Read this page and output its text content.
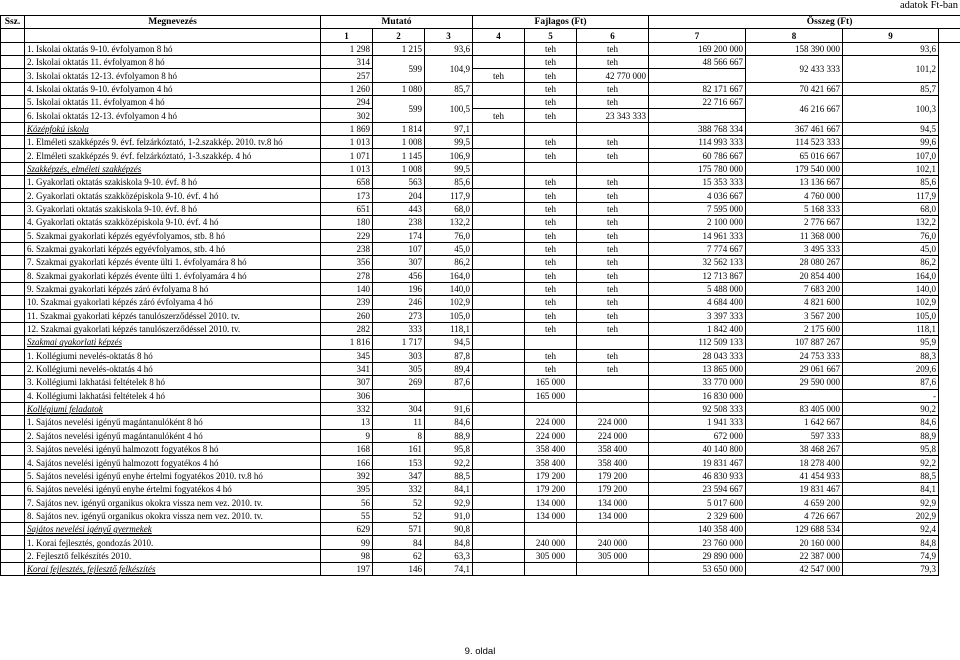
adatok Ft-ban
Ssz.	Megnevezés	Mutató			Fajlagos (Ft)			Összeg (Ft)			
		1	2	3	4	5	6	7	8	9	
	1. Iskolai oktatás 9-10. évfolyamon 8 hó	1 298	1 215	93,6		teh	teh	169 200 000	158 390 000	93,6	
	2. Iskolai oktatás 11. évfolyamon 8 hó	314	599	104,9		teh	teh	48 566 667	92 433 333	101,2	
	3. Iskolai oktatás 12-13. évfolyamon 8 hó	257			teh	teh	42 770 000				
	4. Iskolai oktatás 9-10. évfolyamon 4 hó	1 260	1 080	85,7		teh	teh	82 171 667	70 421 667	85,7	
	5. Iskolai oktatás 11. évfolyamon 4 hó	294	599	100,5		teh	teh	22 716 667	46 216 667	100,3	
	6. Iskolai oktatás 12-13. évfolyamon 4 hó	302			teh	teh	23 343 333				
	Középfokú iskola	1 869	1 814	97,1				388 768 334	367 461 667	94,5	
	1. Elméleti szakképzés 9. évf. felzárkóztató, 1-2.szakkép. 2010. tv.8 hó	1 013	1 008	99,5		teh	teh	114 993 333	114 523 333	99,6	
	2. Elméleti szakképzés 9. évf. felzárkóztató, 1-3.szakkép. 4 hó	1 071	1 145	106,9		teh	teh	60 786 667	65 016 667	107,0	
	Szakképzés, elméleti szakképzés	1 013	1 008	99,5				175 780 000	179 540 000	102,1	
	1. Gyakorlati oktatás szakiskola 9-10. évf. 8 hó	658	563	85,6		teh	teh	15 353 333	13 136 667	85,6	
	2. Gyakorlati oktatás szakközépiskola 9-10. évf. 4 hó	173	204	117,9		teh	teh	4 036 667	4 760 000	117,9	
	3. Gyakorlati oktatás szakiskola 9-10. évf. 8 hó	651	443	68,0		teh	teh	7 595 000	5 168 333	68,0	
	4. Gyakorlati oktatás szakközépiskola 9-10. évf. 4 hó	180	238	132,2		teh	teh	2 100 000	2 776 667	132,2	
	5. Szakmai gyakorlati képzés egyévfolyamos, stb. 8 hó	229	174	76,0		teh	teh	14 961 333	11 368 000	76,0	
	6. Szakmai gyakorlati képzés egyévfolyamos, stb. 4 hó	238	107	45,0		teh	teh	7 774 667	3 495 333	45,0	
	7. Szakmai gyakorlati képzés évente ülti 1. évfolyamára 8 hó	356	307	86,2		teh	teh	32 562 133	28 080 267	86,2	
	8. Szakmai gyakorlati képzés évente ülti 1. évfolyamára 4 hó	278	456	164,0		teh	teh	12 713 867	20 854 400	164,0	
	9. Szakmai gyakorlati képzés záró évfolyama 8 hó	140	196	140,0		teh	teh	5 488 000	7 683 200	140,0	
	10. Szakmai gyakorlati képzés záró évfolyama 4 hó	239	246	102,9		teh	teh	4 684 400	4 821 600	102,9	
	11. Szakmai gyakorlati képzés tanulószerződéssel 2010. tv.	260	273	105,0		teh	teh	3 397 333	3 567 200	105,0	
	12. Szakmai gyakorlati képzés tanulószerződéssel 2010. tv.	282	333	118,1		teh	teh	1 842 400	2 175 600	118,1	
	Szakmai gyakorlati képzés	1 816	1 717	94,5				112 509 133	107 887 267	95,9	
	1. Kollégiumi nevelés-oktatás 8 hó	345	303	87,8		teh	teh	28 043 333	24 753 333	88,3	
	2. Kollégiumi nevelés-oktatás 4 hó	341	305	89,4		teh	teh	13 865 000	29 061 667	209,6	
	3. Kollégiumi lakhatási feltételek 8 hó	307	269	87,6		165 000		33 770 000	29 590 000	87,6	
	4. Kollégiumi lakhatási feltételek 4 hó	306				165 000		16 830 000		-	
	Kollégiumi feladatok	332	304	91,6				92 508 333	83 405 000	90,2	
	1. Sajátos nevelési igényű magántanulóként 8 hó	13	11	84,6		224 000	224 000	1 941 333	1 642 667	84,6	
	2. Sajátos nevelési igényű magántanulóként 4 hó	9	8	88,9		224 000	224 000	672 000	597 333	88,9	
	3. Sajátos nevelési igényű halmozott fogyatékos 8 hó	168	161	95,8		358 400	358 400	40 140 800	38 468 267	95,8	
	4. Sajátos nevelési igényű halmozott fogyatékos 4 hó	166	153	92,2		358 400	358 400	19 831 467	18 278 400	92,2	
	5. Sajátos nevelési igényű enyhe értelmi fogyatékos 2010. tv.8 hó	392	347	88,5		179 200	179 200	46 830 933	41 454 933	88,5	
	6. Sajátos nevelési igényű enyhe értelmi fogyatékos 4 hó	395	332	84,1		179 200	179 200	23 594 667	19 831 467	84,1	
	7. Sajátos nev. igényű organikus okokra vissza nem vez. 2010. tv.	56	52	92,9		134 000	134 000	5 017 600	4 659 200	92,9	
	8. Sajátos nev. igényű organikus okokra vissza nem vez. 2010. tv.	55	52	91,0		134 000	134 000	2 329 600	4 726 667	202,9	
	Sajátos nevelési igényű gyermekek	629	571	90,8				140 358 400	129 688 534	92,4	
	1. Korai fejlesztés, gondozás 2010.	99	84	84,8		240 000	240 000	23 760 000	20 160 000	84,8	
	2. Fejlesztő felkészítés 2010.	98	62	63,3		305 000	305 000	29 890 000	22 387 000	74,9	
	Korai fejlesztés, fejlesztő felkészítés	197	146	74,1				53 650 000	42 547 000	79,3	
9. oldal
